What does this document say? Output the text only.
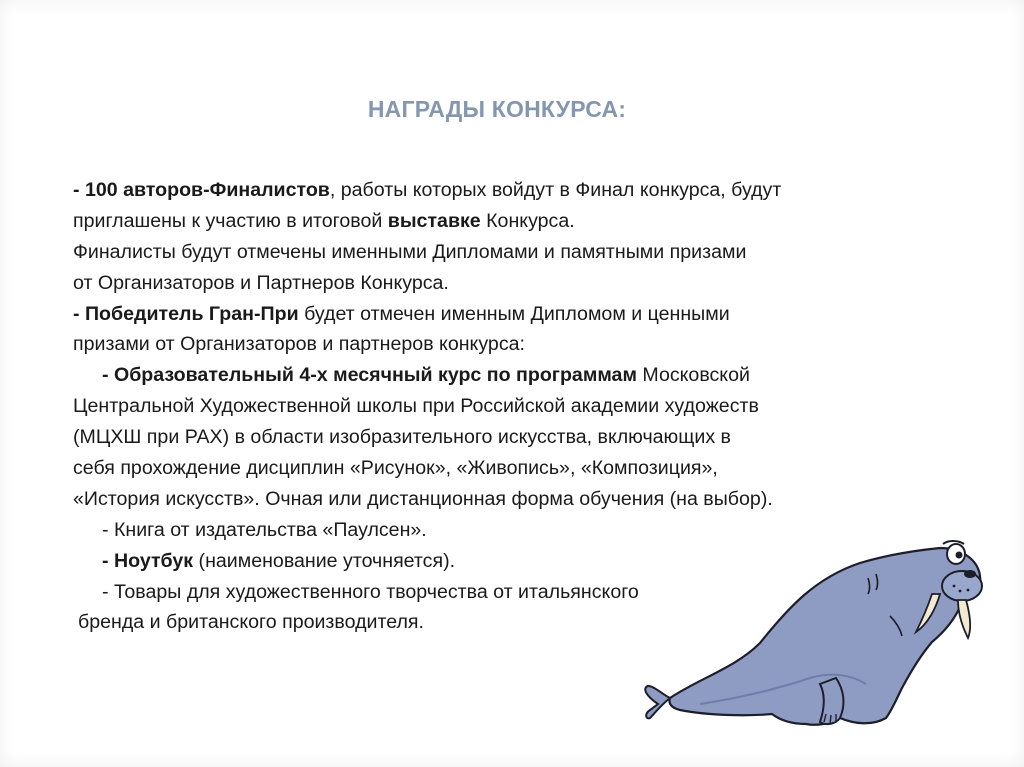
НАГРАДЫ КОНКУРСА:
- 100 авторов-Финалистов, работы которых войдут в Финал конкурса, будут
приглашены к участию в итоговой выставке Конкурса.
Финалисты будут отмечены именными Дипломами и памятными призами
от Организаторов и Партнеров Конкурса.
- Победитель Гран-При будет отмечен именным Дипломом и ценными
призами от Организаторов и партнеров конкурса:
- Образовательный 4-х месячный курс по программам Московской
Центральной Художественной школы при Российской академии художеств
(МЦХШ при РАХ) в области изобразительного искусства, включающих в
себя прохождение дисциплин «Рисунок», «Живопись», «Композиция»,
«История искусств». Очная или дистанционная форма обучения (на выбор).
- Книга от издательства «Паулсен».
- Ноутбук (наименование уточняется).
- Товары для художественного творчества от итальянского
бренда и британского производителя.
